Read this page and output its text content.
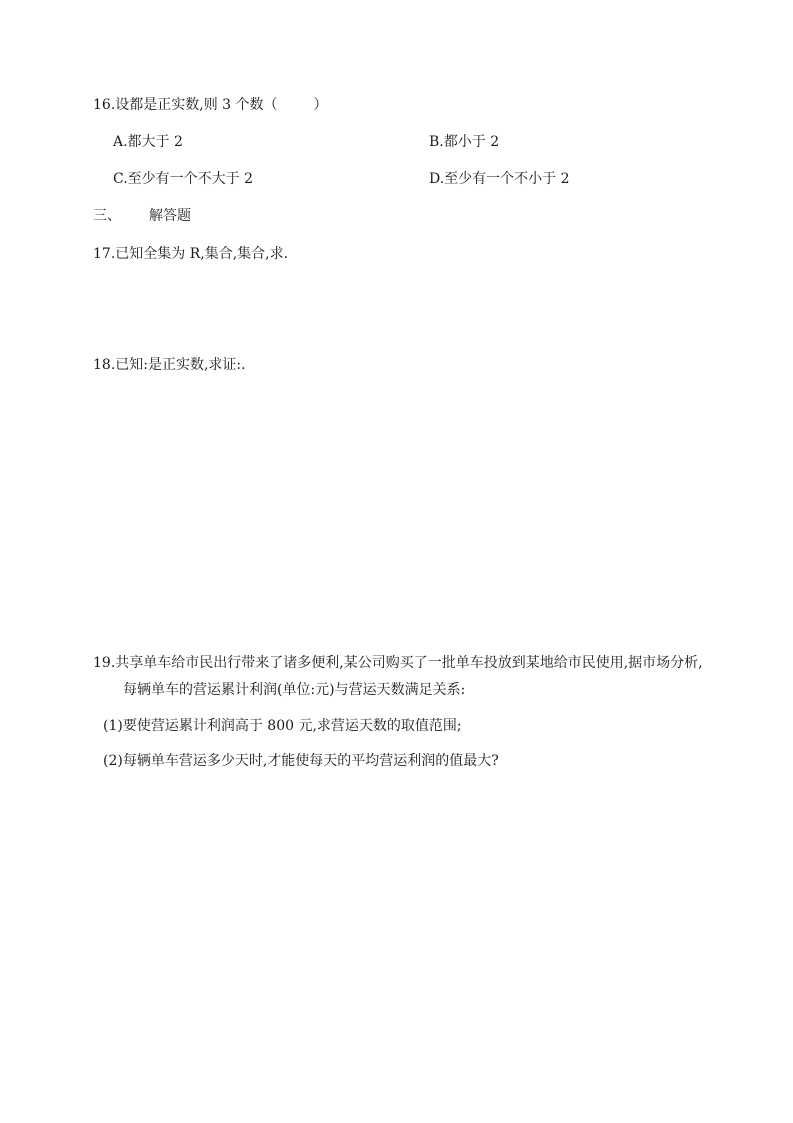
16.设都是正实数,则 3 个数（	）
A.都大于 2	B.都小于 2
C.至少有一个不大于 2	D.至少有一个不小于 2
三、 解答题
17.已知全集为 R,集合,集合,求.
18.已知:是正实数,求证:.
19.共享单车给市民出行带来了诸多便利,某公司购买了一批单车投放到某地给市民使用,据市场分析,
每辆单车的营运累计利润(单位:元)与营运天数满足关系:
(1)要使营运累计利润高于 800 元,求营运天数的取值范围;
(2)每辆单车营运多少天时,才能使每天的平均营运利润的值最大?
